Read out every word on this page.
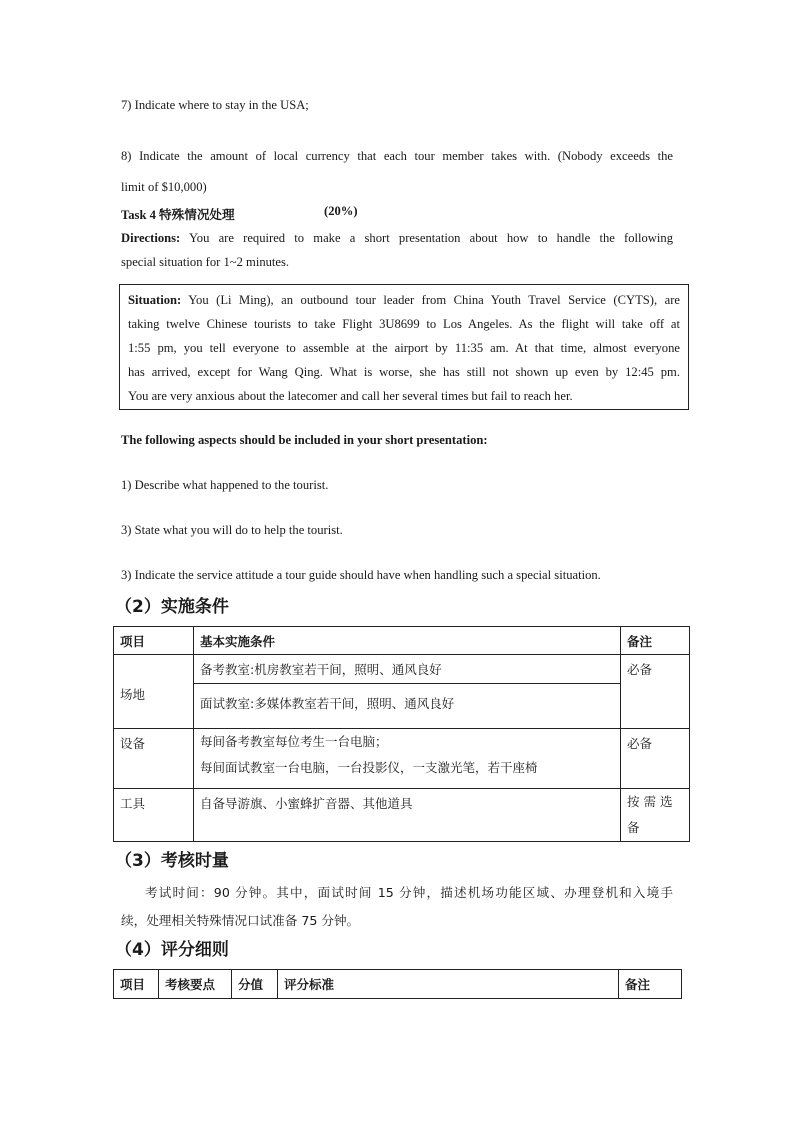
7) Indicate where to stay in the USA;
8) Indicate the amount of local currency that each tour member takes with. (Nobody exceeds the
limit of $10,000)
Task 4 特殊情况处理	(20%)
Directions: You are required to make a short presentation about how to handle the following
special situation for 1~2 minutes.
Situation: You (Li Ming), an outbound tour leader from China Youth Travel Service (CYTS), are
taking twelve Chinese tourists to take Flight 3U8699 to Los Angeles. As the flight will take off at
1:55 pm, you tell everyone to assemble at the airport by 11:35 am. At that time, almost everyone
has arrived, except for Wang Qing. What is worse, she has still not shown up even by 12:45 pm.
You are very anxious about the latecomer and call her several times but fail to reach her.
The following aspects should be included in your short presentation:
1) Describe what happened to the tourist.
3) State what you will do to help the tourist.
3) Indicate the service attitude a tour guide should have when handling such a special situation.
（2）实施条件
项目	基本实施条件	备注
场地	备考教室:机房教室若干间，照明、通风良好	必备
	面试教室:多媒体教室若干间，照明、通风良好	
设备	每间备考教室每位考生一台电脑；
每间面试教室一台电脑，一台投影仪，一支激光笔，若干座椅	必备
工具	自备导游旗、小蜜蜂扩音器、其他道具	按 需 选 备
（3）考核时量
考试时间：90 分钟。其中，面试时间 15 分钟，描述机场功能区域、办理登机和入境手
续，处理相关特殊情况口试准备 75 分钟。
（4）评分细则
项目	考核要点	分值	评分标准	备注
